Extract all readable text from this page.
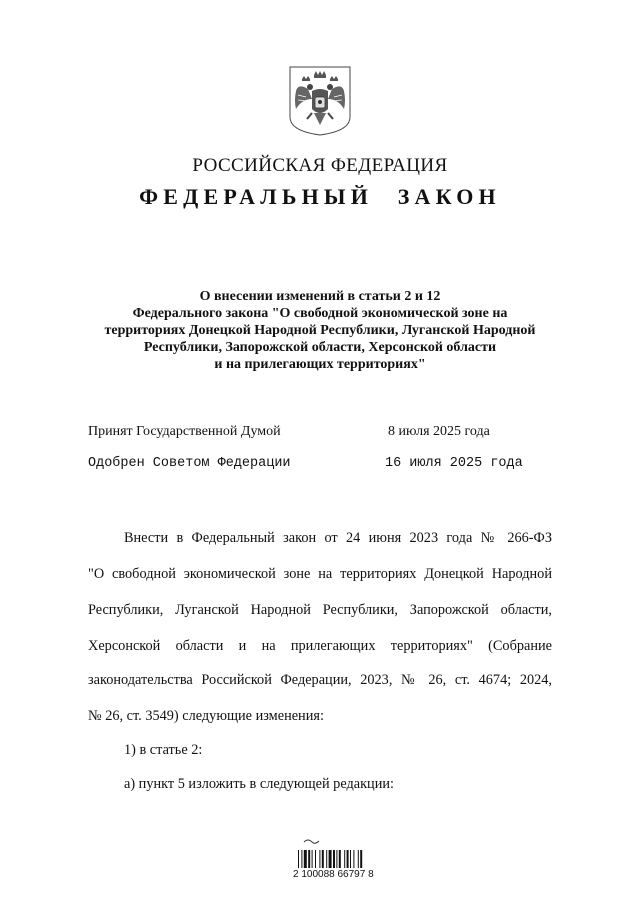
РОССИЙСКАЯ ФЕДЕРАЦИЯ
ФЕДЕРАЛЬНЫЙ ЗАКОН
О внесении изменений в статьи 2 и 12
Федерального закона "О свободной экономической зоне на
территориях Донецкой Народной Республики, Луганской Народной
Республики, Запорожской области, Херсонской области
и на прилегающих территориях"
Принят Государственной Думой	8 июля 2025 года
Одобрен Советом Федерации	16 июля 2025 года
Внести в Федеральный закон от 24 июня 2023 года № 266-ФЗ
"О свободной экономической зоне на территориях Донецкой Народной
Республики, Луганской Народной Республики, Запорожской области,
Херсонской области и на прилегающих территориях" (Собрание
законодательства Российской Федерации, 2023, № 26, ст. 4674; 2024,
№ 26, ст. 3549) следующие изменения:
1) в статье 2:
а) пункт 5 изложить в следующей редакции:
2 100088 66797 8
